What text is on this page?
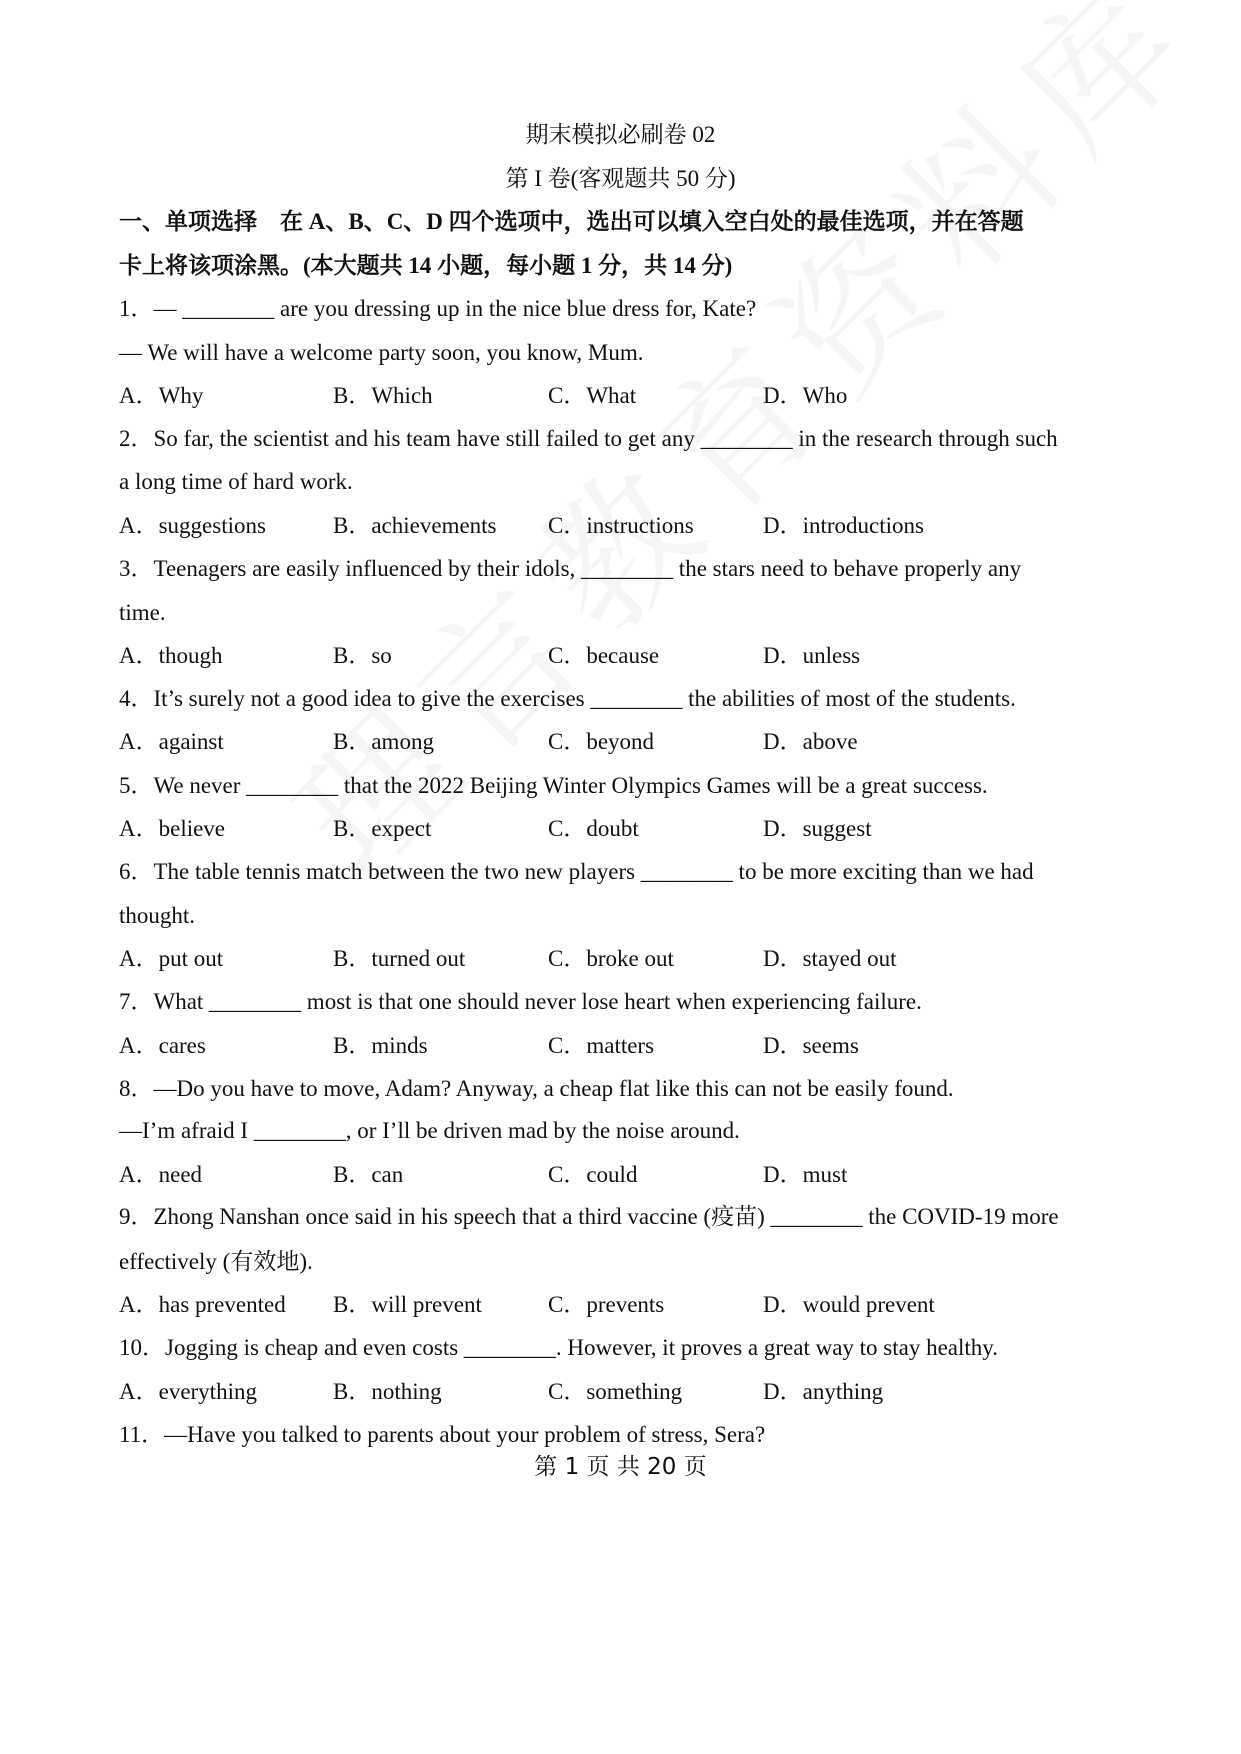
期末模拟必刷卷 02
第 I 卷(客观题共 50 分)
一、单项选择　在 A、B、C、D 四个选项中，选出可以填入空白处的最佳选项，并在答题
卡上将该项涂黑。(本大题共 14 小题，每小题 1 分，共 14 分)
1．— ________ are you dressing up in the nice blue dress for, Kate?
— We will have a welcome party soon, you know, Mum.
A．Why	B．Which	C．What	D．Who
2．So far, the scientist and his team have still failed to get any ________ in the research through such
a long time of hard work.
A．suggestions	B．achievements C．instructions	D．introductions
3．Teenagers are easily influenced by their idols, ________ the stars need to behave properly any
time.
A．though	B．so	C．because	D．unless
4．It’s surely not a good idea to give the exercises ________ the abilities of most of the students.
A．against	B．among	C．beyond	D．above
5．We never ________ that the 2022 Beijing Winter Olympics Games will be a great success.
A．believe	B．expect	C．doubt	D．suggest
6．The table tennis match between the two new players ________ to be more exciting than we had
thought.
A．put out	B．turned out	C．broke out	D．stayed out
7．What ________ most is that one should never lose heart when experiencing failure.
A．cares	B．minds	C．matters	D．seems
8．—Do you have to move, Adam? Anyway, a cheap flat like this can not be easily found.
—I’m afraid I ________, or I’ll be driven mad by the noise around.
A．need	B．can	C．could	D．must
9．Zhong Nanshan once said in his speech that a third vaccine (疫苗) ________ the COVID-19 more
effectively (有效地).
A．has prevented B．will prevent	C．prevents	D．would prevent
10．Jogging is cheap and even costs ________. However, it proves a great way to stay healthy.
A．everything	B．nothing	C．something	D．anything
11．—Have you talked to parents about your problem of stress, Sera?
第 1 页 共 20 页
